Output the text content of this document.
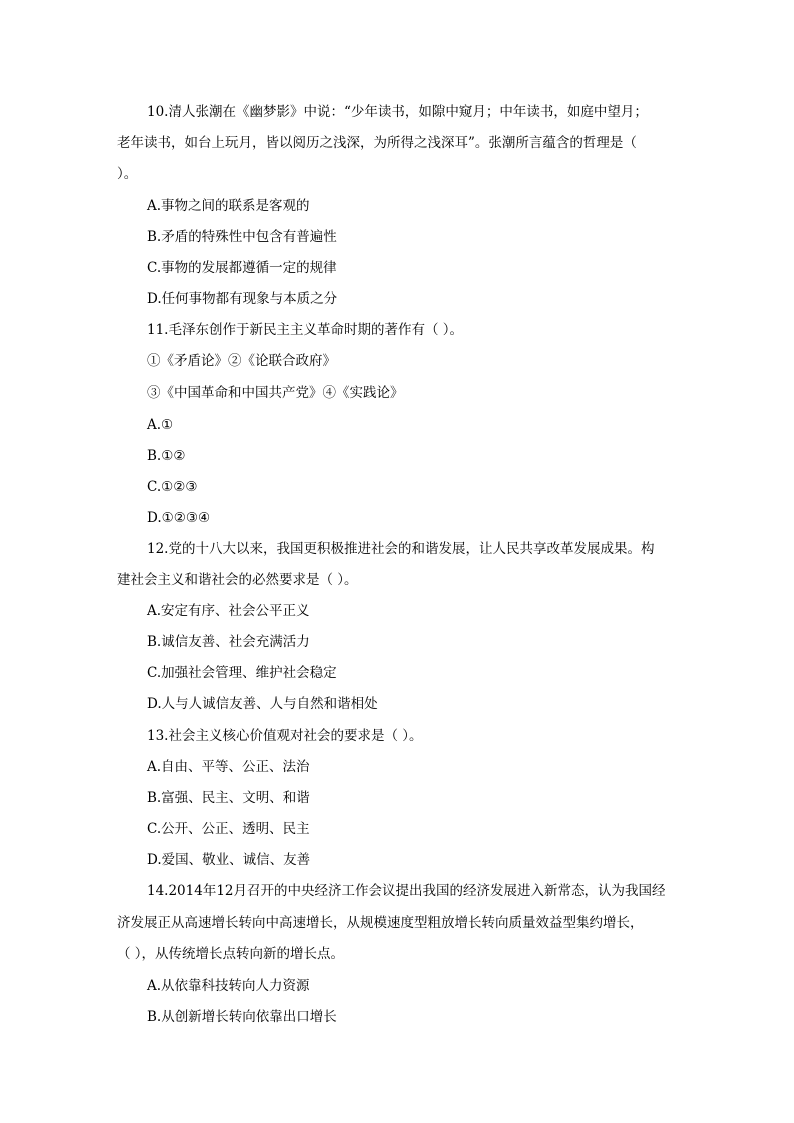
10.清人张潮在《幽梦影》中说：“少年读书，如隙中窥月；中年读书，如庭中望月；
老年读书，如台上玩月，皆以阅历之浅深，为所得之浅深耳”。张潮所言蕴含的哲理是（
）。
A.事物之间的联系是客观的
B.矛盾的特殊性中包含有普遍性
C.事物的发展都遵循一定的规律
D.任何事物都有现象与本质之分
11.毛泽东创作于新民主主义革命时期的著作有（ ）。
①《矛盾论》②《论联合政府》
③《中国革命和中国共产党》④《实践论》
A.①
B.①②
C.①②③
D.①②③④
12.党的十八大以来，我国更积极推进社会的和谐发展，让人民共享改革发展成果。构
建社会主义和谐社会的必然要求是（ ）。
A.安定有序、社会公平正义
B.诚信友善、社会充满活力
C.加强社会管理、维护社会稳定
D.人与人诚信友善、人与自然和谐相处
13.社会主义核心价值观对社会的要求是（ ）。
A.自由、平等、公正、法治
B.富强、民主、文明、和谐
C.公开、公正、透明、民主
D.爱国、敬业、诚信、友善
14.2014年12月召开的中央经济工作会议提出我国的经济发展进入新常态，认为我国经
济发展正从高速增长转向中高速增长，从规模速度型粗放增长转向质量效益型集约增长，
（ ），从传统增长点转向新的增长点。
A.从依靠科技转向人力资源
B.从创新增长转向依靠出口增长
